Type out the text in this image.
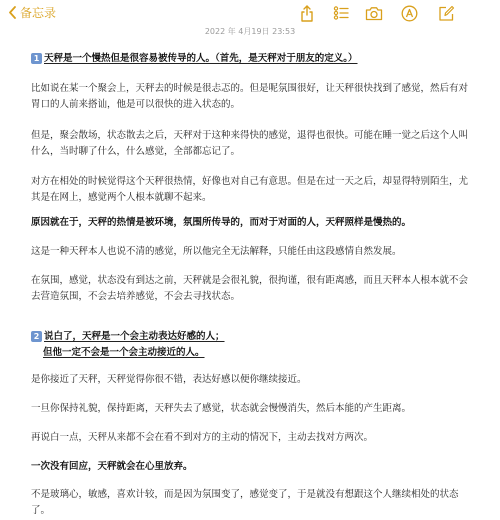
备忘录
2022 年 4月19日 23:53

1 天秤是一个慢热但是很容易被传导的人。（首先，是天秤对于朋友的定义。）

比如说在某一个聚会上，天秤去的时候是很忐忑的。但是呢氛围很好，让天秤很快找到了感觉，然后有对胃口的人前来搭讪，他是可以很快的进入状态的。

但是，聚会散场，状态散去之后，天秤对于这种来得快的感觉，退得也很快。可能在睡一觉之后这个人叫什么，当时聊了什么，什么感觉，全部都忘记了。

对方在相处的时候觉得这个天秤很热情，好像也对自己有意思。但是在过一天之后，却显得特别陌生，尤其是在网上，感觉两个人根本就聊不起来。

原因就在于，天秤的热情是被环境，氛围所传导的，而对于对面的人，天秤照样是慢热的。

这是一种天秤本人也说不清的感觉，所以他完全无法解释，只能任由这段感情自然发展。

在氛围，感觉，状态没有到达之前，天秤就是会很礼貌，很拘谨，很有距离感，而且天秤本人根本就不会去营造氛围，不会去培养感觉，不会去寻找状态。

2 说白了，天秤是一个会主动表达好感的人；

但他一定不会是一个会主动接近的人。

是你接近了天秤，天秤觉得你很不错，表达好感以便你继续接近。

一旦你保持礼貌，保持距离，天秤失去了感觉，状态就会慢慢消失，然后本能的产生距离。

再说白一点，天秤从来都不会在看不到对方的主动的情况下，主动去找对方两次。

一次没有回应，天秤就会在心里放弃。

不是玻璃心，敏感，喜欢计较，而是因为氛围变了，感觉变了，于是就没有想跟这个人继续相处的状态了。
